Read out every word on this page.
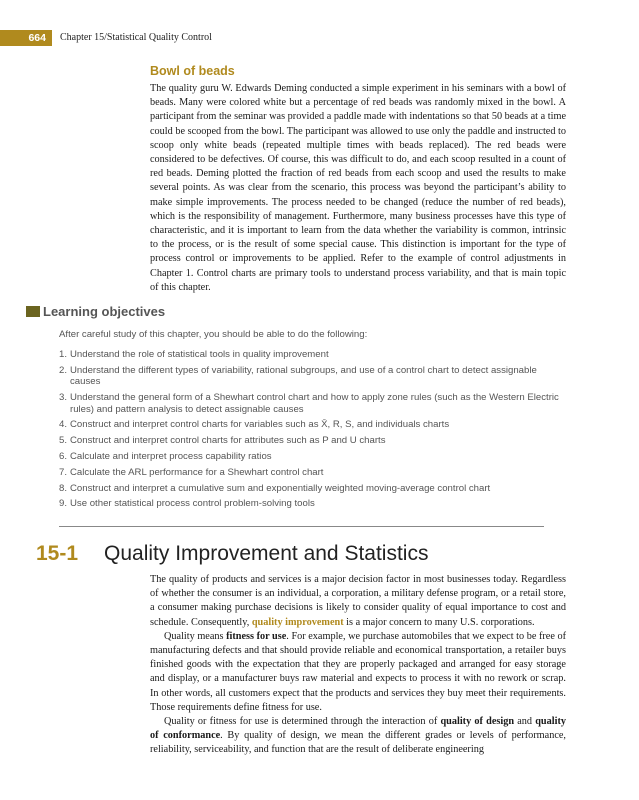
664	Chapter 15/Statistical Quality Control
Bowl of beads
The quality guru W. Edwards Deming conducted a simple experiment in his seminars with a bowl of beads. Many were colored white but a percentage of red beads was randomly mixed in the bowl. A participant from the seminar was provided a paddle made with indentations so that 50 beads at a time could be scooped from the bowl. The participant was allowed to use only the paddle and instructed to scoop only white beads (repeated multiple times with beads replaced). The red beads were considered to be defectives. Of course, this was difficult to do, and each scoop resulted in a count of red beads. Deming plotted the fraction of red beads from each scoop and used the results to make several points. As was clear from the scenario, this process was beyond the participant’s ability to make simple improvements. The process needed to be changed (reduce the number of red beads), which is the responsibility of management. Furthermore, many business processes have this type of characteristic, and it is important to learn from the data whether the variability is common, intrinsic to the process, or is the result of some special cause. This distinction is important for the type of process control or improvements to be applied. Refer to the example of control adjustments in Chapter 1. Control charts are primary tools to understand process variability, and that is main topic of this chapter.
Learning objectives
After careful study of this chapter, you should be able to do the following:
1. Understand the role of statistical tools in quality improvement
2. Understand the different types of variability, rational subgroups, and use of a control chart to detect assignable causes
3. Understand the general form of a Shewhart control chart and how to apply zone rules (such as the Western Electric rules) and pattern analysis to detect assignable causes
4. Construct and interpret control charts for variables such as X̄, R, S, and individuals charts
5. Construct and interpret control charts for attributes such as P and U charts
6. Calculate and interpret process capability ratios
7. Calculate the ARL performance for a Shewhart control chart
8. Construct and interpret a cumulative sum and exponentially weighted moving-average control chart
9. Use other statistical process control problem-solving tools
15-1 Quality Improvement and Statistics

The quality of products and services is a major decision factor in most businesses today. Regardless of whether the consumer is an individual, a corporation, a military defense program, or a retail store, a consumer making purchase decisions is likely to consider quality of equal importance to cost and schedule. Consequently, quality improvement is a major concern to many U.S. corporations.

Quality means fitness for use. For example, we purchase automobiles that we expect to be free of manufacturing defects and that should provide reliable and economical transportation, a retailer buys finished goods with the expectation that they are properly packaged and arranged for easy storage and display, or a manufacturer buys raw material and expects to process it with no rework or scrap. In other words, all customers expect that the products and services they buy meet their requirements. Those requirements define fitness for use.

Quality or fitness for use is determined through the interaction of quality of design and quality of conformance. By quality of design, we mean the different grades or levels of performance, reliability, serviceability, and function that are the result of deliberate engineering
